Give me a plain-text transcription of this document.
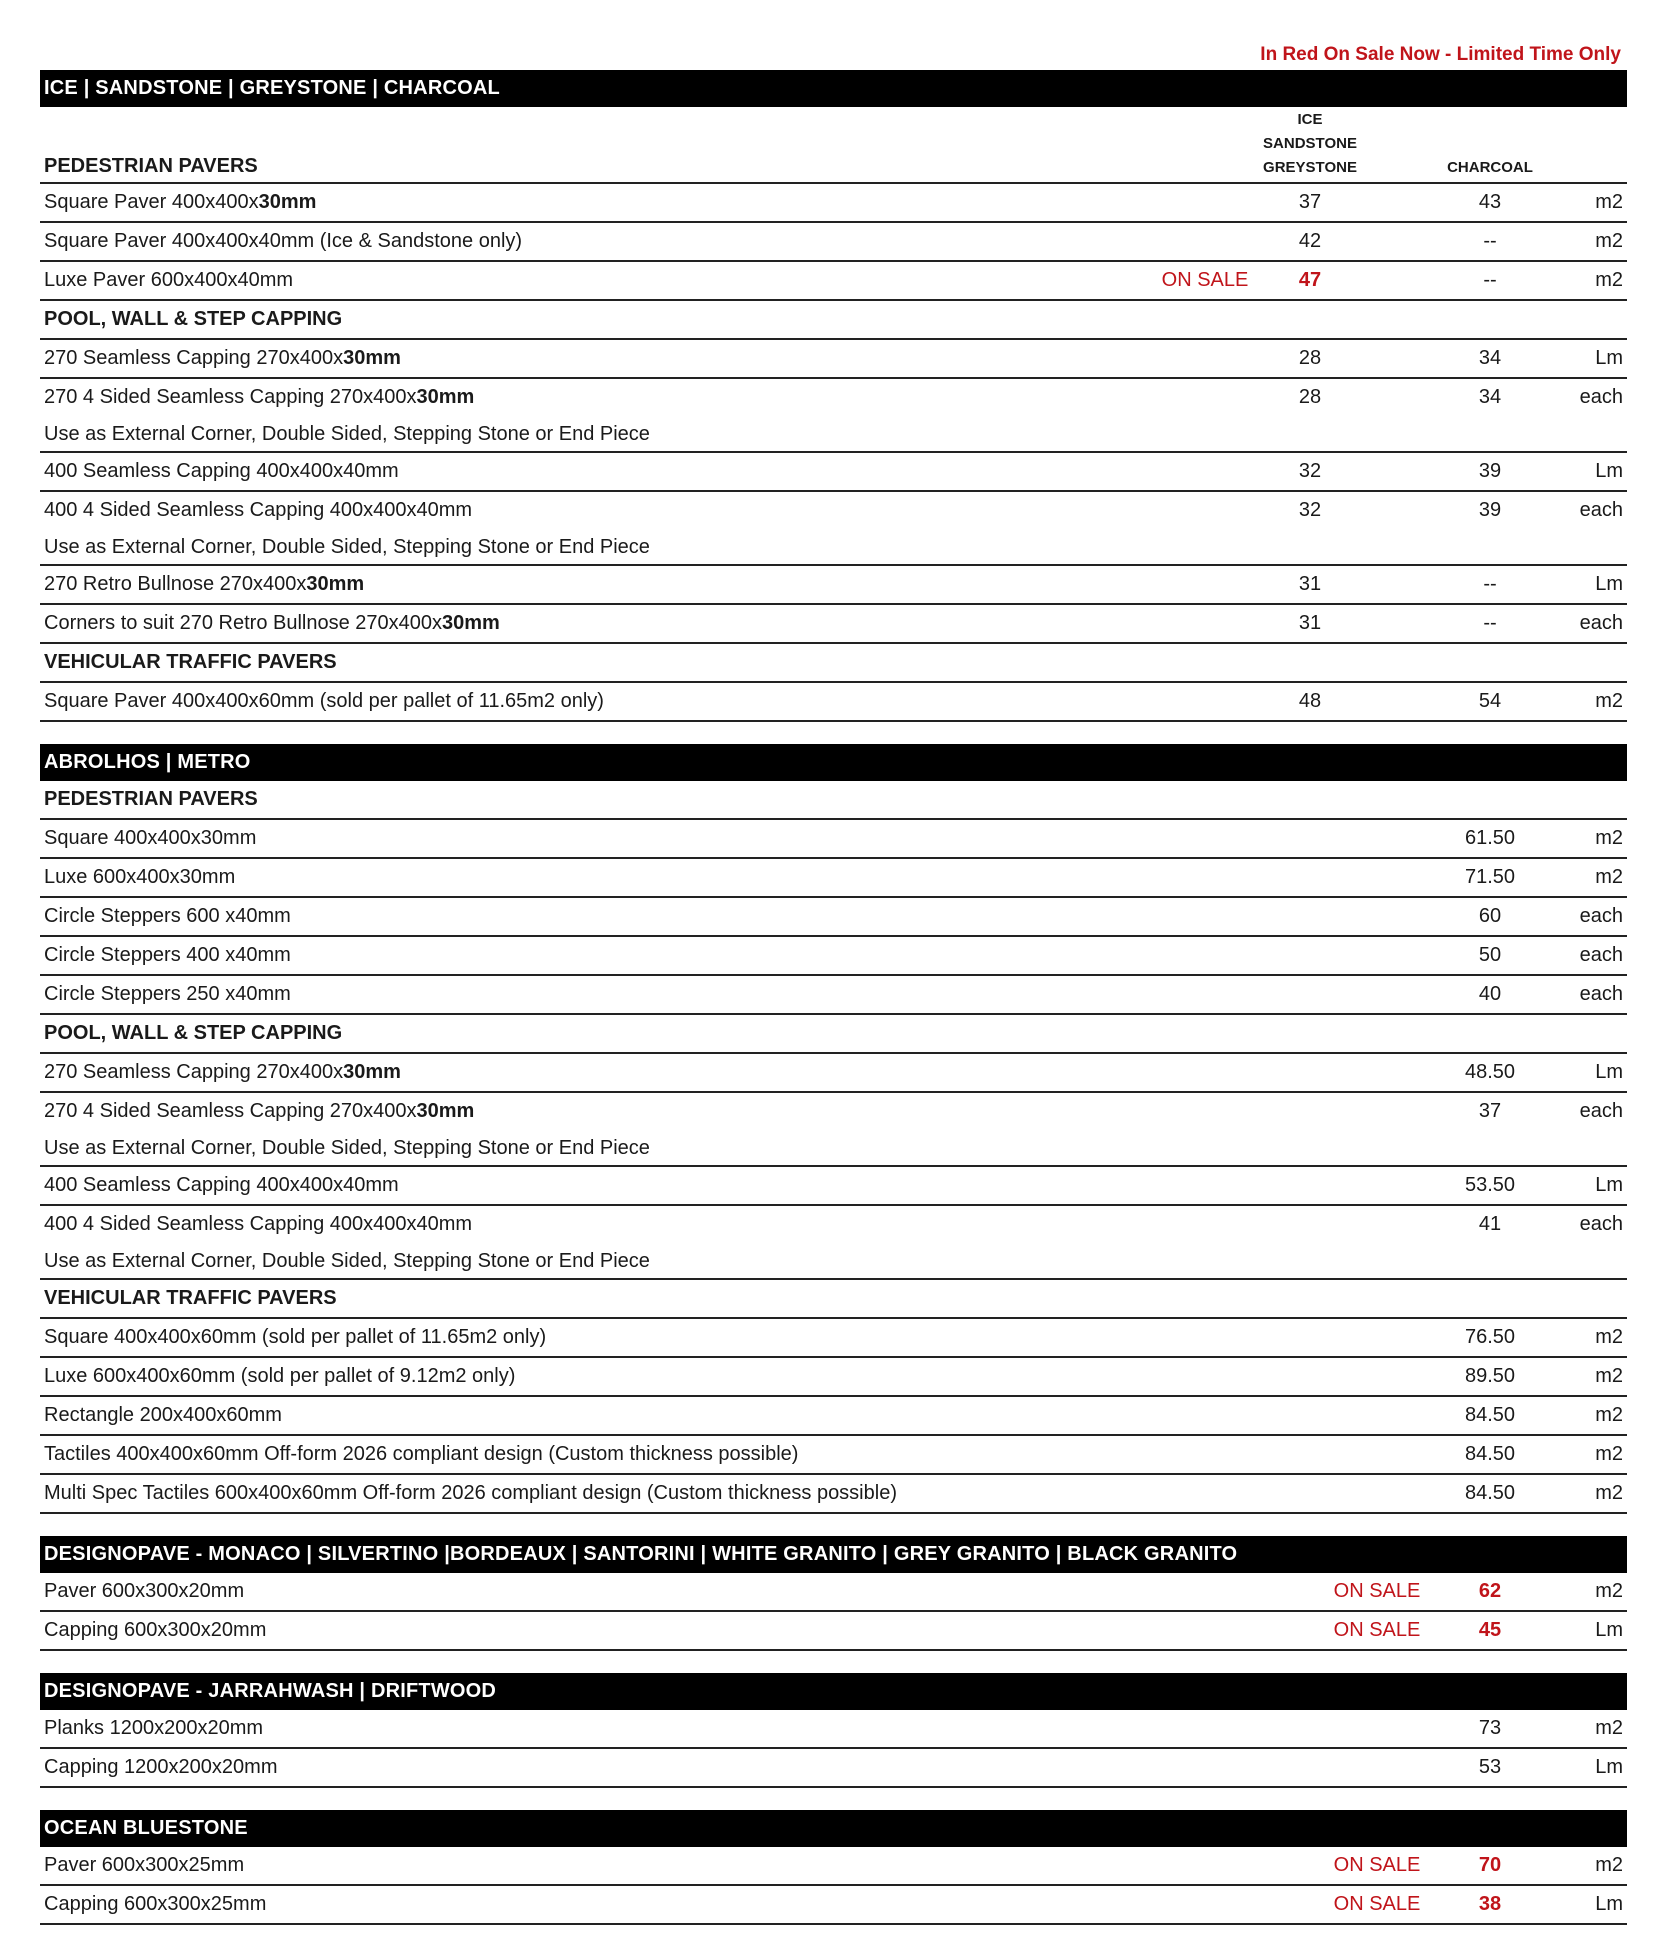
In Red On Sale Now - Limited Time Only
ICE | SANDSTONE | GREYSTONE | CHARCOAL
PEDESTRIAN PAVERS
ICE
SANDSTONE
GREYSTONE	CHARCOAL
Square Paver 400x400x30mm	37	43	m2
Square Paver 400x400x40mm (Ice & Sandstone only)	42	--	m2
Luxe Paver 600x400x40mm	ON SALE	47	--	m2
POOL, WALL & STEP CAPPING
270 Seamless Capping 270x400x30mm	28	34	Lm
270 4 Sided Seamless Capping 270x400x30mm	28	34	each
Use as External Corner, Double Sided, Stepping Stone or End Piece
400 Seamless Capping 400x400x40mm	32	39	Lm
400 4 Sided Seamless Capping 400x400x40mm	32	39	each
Use as External Corner, Double Sided, Stepping Stone or End Piece
270 Retro Bullnose 270x400x30mm	31	--	Lm
Corners to suit 270 Retro Bullnose 270x400x30mm	31	--	each
VEHICULAR TRAFFIC PAVERS
Square Paver 400x400x60mm (sold per pallet of 11.65m2 only)	48	54	m2
ABROLHOS | METRO
PEDESTRIAN PAVERS
Square 400x400x30mm	61.50	m2
Luxe 600x400x30mm	71.50	m2
Circle Steppers 600 x40mm	60	each
Circle Steppers 400 x40mm	50	each
Circle Steppers 250 x40mm	40	each
POOL, WALL & STEP CAPPING
270 Seamless Capping 270x400x30mm	48.50	Lm
270 4 Sided Seamless Capping 270x400x30mm	37	each
Use as External Corner, Double Sided, Stepping Stone or End Piece
400 Seamless Capping 400x400x40mm	53.50	Lm
400 4 Sided Seamless Capping 400x400x40mm	41	each
Use as External Corner, Double Sided, Stepping Stone or End Piece
VEHICULAR TRAFFIC PAVERS
Square 400x400x60mm (sold per pallet of 11.65m2 only)	76.50	m2
Luxe 600x400x60mm (sold per pallet of 9.12m2 only)	89.50	m2
Rectangle 200x400x60mm	84.50	m2
Tactiles 400x400x60mm Off-form 2026 compliant design (Custom thickness possible)	84.50	m2
Multi Spec Tactiles 600x400x60mm Off-form 2026 compliant design (Custom thickness possible)	84.50	m2
DESIGNOPAVE - MONACO | SILVERTINO |BORDEAUX | SANTORINI | WHITE GRANITO | GREY GRANITO | BLACK GRANITO
Paver 600x300x20mm	ON SALE	62	m2
Capping 600x300x20mm	ON SALE	45	Lm
DESIGNOPAVE - JARRAHWASH | DRIFTWOOD
Planks 1200x200x20mm	73	m2
Capping 1200x200x20mm	53	Lm
OCEAN BLUESTONE
Paver 600x300x25mm	ON SALE	70	m2
Capping 600x300x25mm	ON SALE	38	Lm
